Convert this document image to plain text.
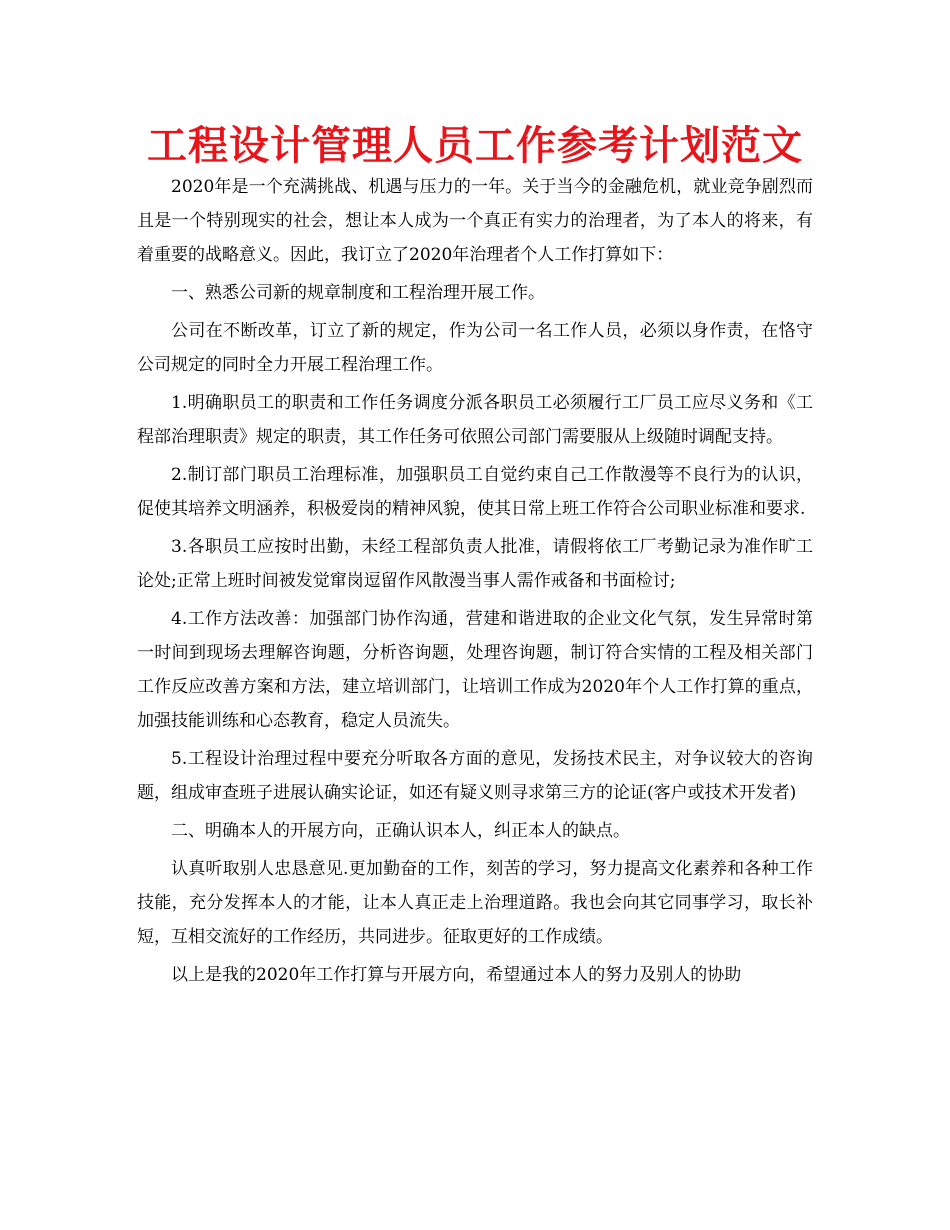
工程设计管理人员工作参考计划范文

2020年是一个充满挑战、机遇与压力的一年。关于当今的金融危机，就业竞争剧烈而且是一个特别现实的社会，想让本人成为一个真正有实力的治理者，为了本人的将来，有着重要的战略意义。因此，我订立了2020年治理者个人工作打算如下：

一、熟悉公司新的规章制度和工程治理开展工作。

公司在不断改革，订立了新的规定，作为公司一名工作人员，必须以身作责，在恪守公司规定的同时全力开展工程治理工作。

1.明确职员工的职责和工作任务调度分派各职员工必须履行工厂员工应尽义务和《工程部治理职责》规定的职责，其工作任务可依照公司部门需要服从上级随时调配支持。

2.制订部门职员工治理标准，加强职员工自觉约束自己工作散漫等不良行为的认识，促使其培养文明涵养，积极爱岗的精神风貌，使其日常上班工作符合公司职业标准和要求.

3.各职员工应按时出勤，未经工程部负责人批准，请假将依工厂考勤记录为准作旷工论处;正常上班时间被发觉窜岗逗留作风散漫当事人需作戒备和书面检讨;

4.工作方法改善：加强部门协作沟通，营建和谐进取的企业文化气氛，发生异常时第一时间到现场去理解咨询题，分析咨询题，处理咨询题，制订符合实情的工程及相关部门工作反应改善方案和方法，建立培训部门，让培训工作成为2020年个人工作打算的重点，加强技能训练和心态教育，稳定人员流失。

5.工程设计治理过程中要充分听取各方面的意见，发扬技术民主，对争议较大的咨询题，组成审查班子进展认确实论证，如还有疑义则寻求第三方的论证(客户或技术开发者)

二、明确本人的开展方向，正确认识本人，纠正本人的缺点。

认真听取别人忠恳意见.更加勤奋的工作，刻苦的学习，努力提高文化素养和各种工作技能，充分发挥本人的才能，让本人真正走上治理道路。我也会向其它同事学习，取长补短，互相交流好的工作经历，共同进步。征取更好的工作成绩。

以上是我的2020年工作打算与开展方向，希望通过本人的努力及别人的协助
